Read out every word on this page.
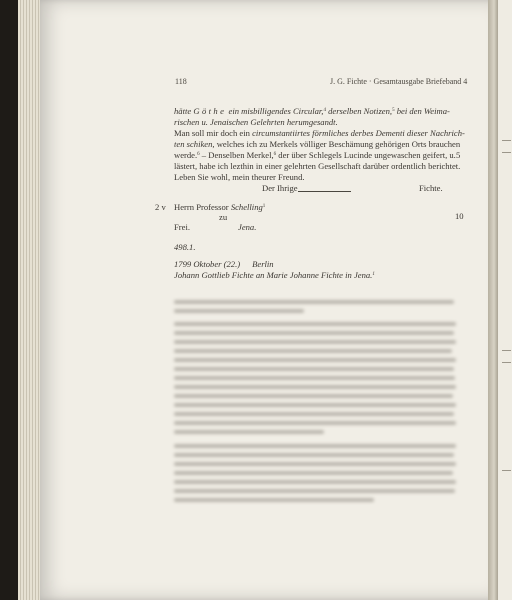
118	J. G. Fichte · Gesamtausgabe Briefeband 4
hätte Göthe ein misbilligendes Circular,$^4$ derselben Notizen,$^5$ bei den Weima-
rischen u. Jenaischen Gelehrten herumgesandt.
Man soll mir doch ein circumstantiirtes förmliches derbes Dementi dieser Nachrich-
ten schiken, welches ich zu Merkels völliger Beschämung gehörigen Orts brauchen
werde.$^6$ – Denselben Merkel,$^6$ der über Schlegels Lucinde ungewaschen geifert, u.
lästert, habe ich lezthin in einer gelehrten Gesellschaft darüber ordentlich berichtet.
Leben Sie wohl, mein theurer Freund.
Der Ihrige	Fichte.
5
10
2 v Herrn Professor Schelling$^1$
zu
Frei.	Jena.
498.1.
1799 Oktober (22.) Berlin
Johann Gottlieb Fichte an Marie Johanne Fichte in Jena.$^1$
